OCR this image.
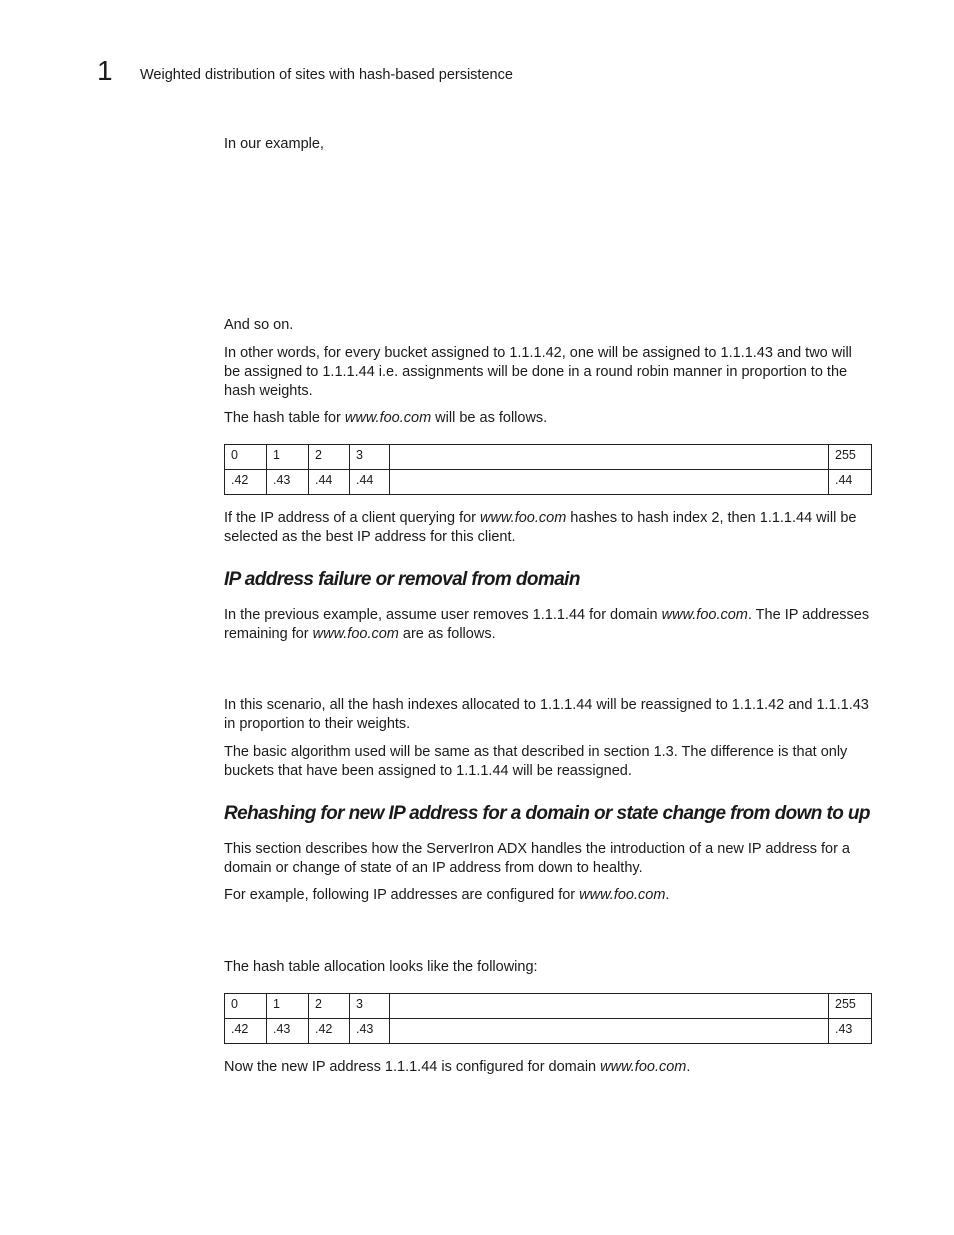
1 Weighted distribution of sites with hash-based persistence

In our example,

And so on.

In other words, for every bucket assigned to 1.1.1.42, one will be assigned to 1.1.1.43 and two will be assigned to 1.1.1.44 i.e. assignments will be done in a round robin manner in proportion to the hash weights.

The hash table for www.foo.com will be as follows.

0	1	2	3		255
.42	.43	.44	.44		.44

If the IP address of a client querying for www.foo.com hashes to hash index 2, then 1.1.1.44 will be selected as the best IP address for this client.

IP address failure or removal from domain

In the previous example, assume user removes 1.1.1.44 for domain www.foo.com. The IP addresses remaining for www.foo.com are as follows.

In this scenario, all the hash indexes allocated to 1.1.1.44 will be reassigned to 1.1.1.42 and 1.1.1.43 in proportion to their weights.

The basic algorithm used will be same as that described in section 1.3. The difference is that only buckets that have been assigned to 1.1.1.44 will be reassigned.

Rehashing for new IP address for a domain or state change from down to up

This section describes how the ServerIron ADX handles the introduction of a new IP address for a domain or change of state of an IP address from down to healthy.

For example, following IP addresses are configured for www.foo.com.

The hash table allocation looks like the following:

0	1	2	3		255
.42	.43	.42	.43		.43

Now the new IP address 1.1.1.44 is configured for domain www.foo.com.
